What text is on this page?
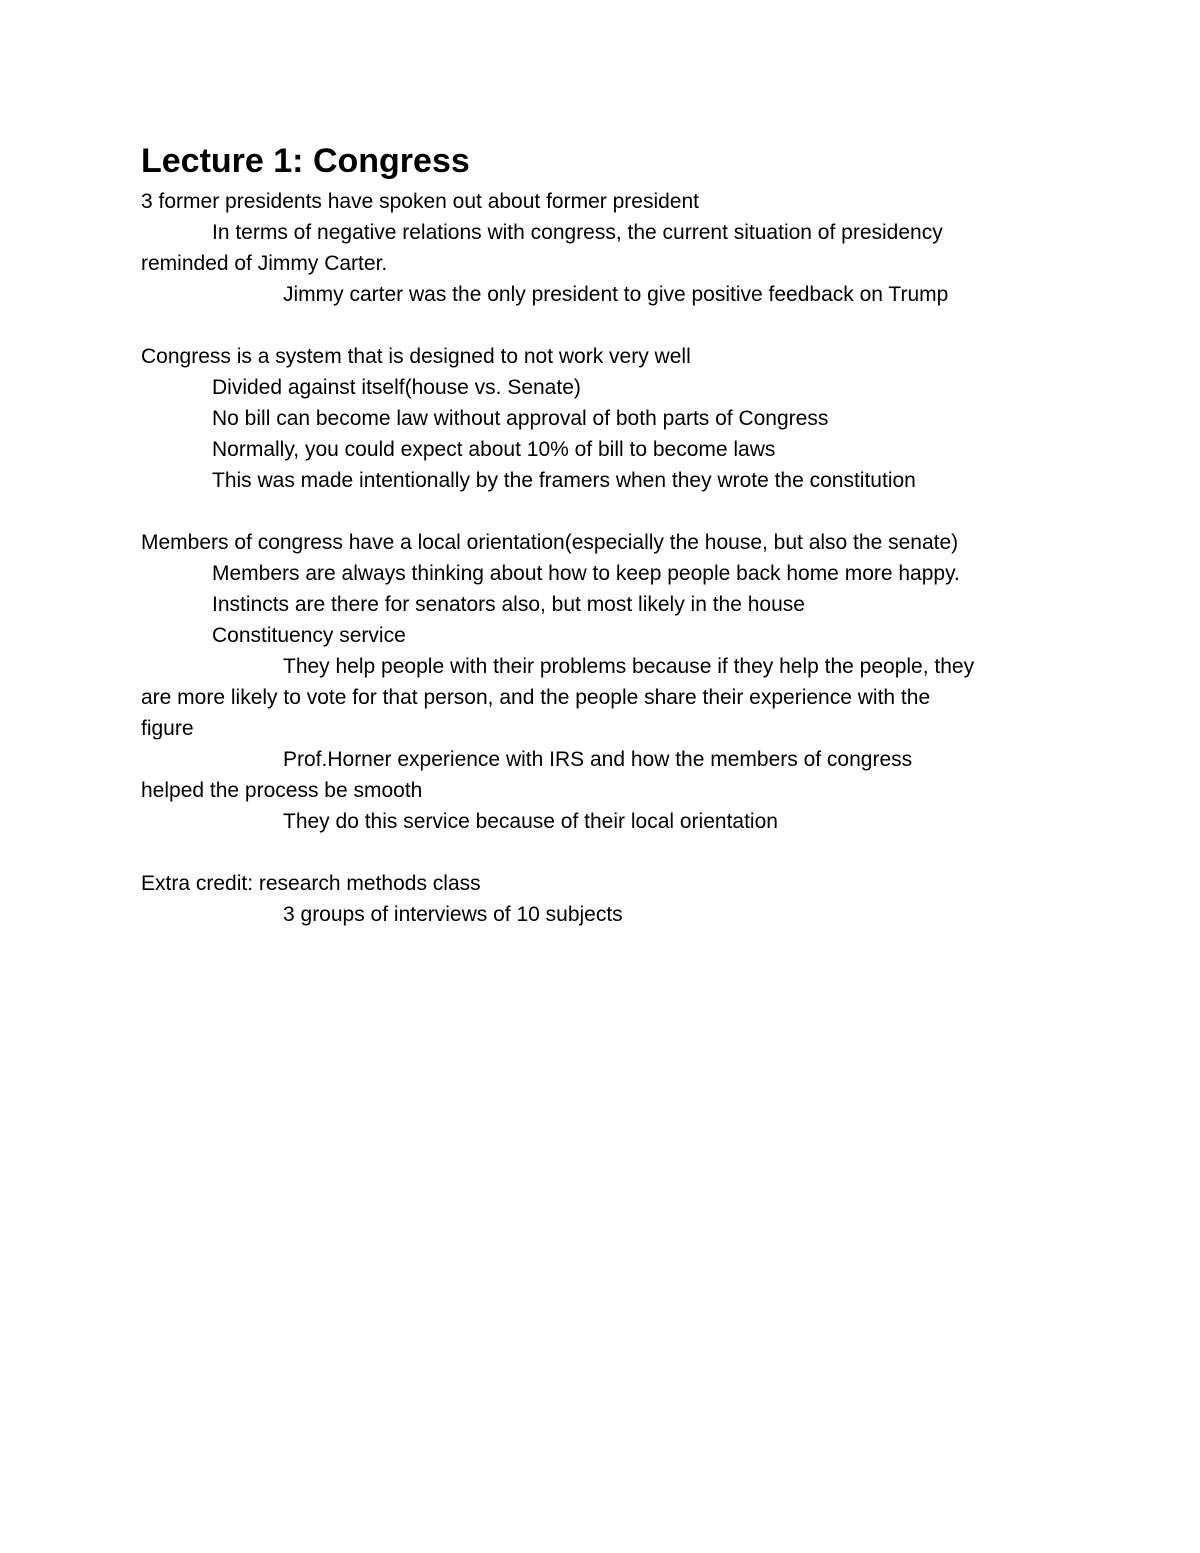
Lecture 1: Congress

3 former presidents have spoken out about former president

In terms of negative relations with congress, the current situation of presidency

reminded of Jimmy Carter.

Jimmy carter was the only president to give positive feedback on Trump

Congress is a system that is designed to not work very well

Divided against itself(house vs. Senate)

No bill can become law without approval of both parts of Congress

Normally, you could expect about 10% of bill to become laws

This was made intentionally by the framers when they wrote the constitution

Members of congress have a local orientation(especially the house, but also the senate)

Members are always thinking about how to keep people back home more happy.

Instincts are there for senators also, but most likely in the house

Constituency service

They help people with their problems because if they help the people, they

are more likely to vote for that person, and the people share their experience with the

figure

Prof.Horner experience with IRS and how the members of congress

helped the process be smooth

They do this service because of their local orientation

Extra credit: research methods class

3 groups of interviews of 10 subjects
